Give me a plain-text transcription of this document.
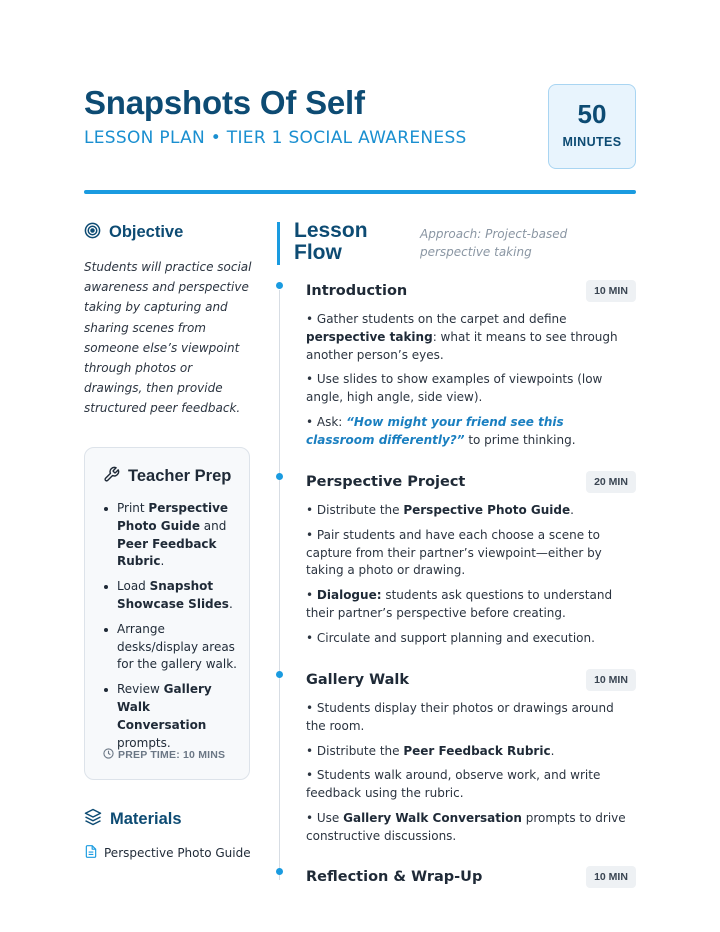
Snapshots Of Self
LESSON PLAN • TIER 1 SOCIAL AWARENESS
50
MINUTES
Objective

Students will practice social awareness and perspective taking by capturing and sharing scenes from someone else’s viewpoint through photos or drawings, then provide structured peer feedback.

Teacher Prep
Print Perspective Photo Guide and Peer Feedback Rubric.
Load Snapshot Showcase Slides.
Arrange desks/display areas for the gallery walk.
Review Gallery Walk Conversation prompts.
PREP TIME: 10 MINS
Materials
Perspective Photo Guide
Lesson
Flow
Approach: Project-based perspective taking
Introduction	10 MIN

• Gather students on the carpet and define perspective taking: what it means to see through another person’s eyes.

• Use slides to show examples of viewpoints (low angle, high angle, side view).

• Ask: “How might your friend see this classroom differently?” to prime thinking.

Perspective Project	20 MIN

• Distribute the Perspective Photo Guide.

• Pair students and have each choose a scene to capture from their partner’s viewpoint—either by taking a photo or drawing.

• Dialogue: students ask questions to understand their partner’s perspective before creating.

• Circulate and support planning and execution.

Gallery Walk	10 MIN

• Students display their photos or drawings around the room.

• Distribute the Peer Feedback Rubric.

• Students walk around, observe work, and write feedback using the rubric.

• Use Gallery Walk Conversation prompts to drive constructive discussions.

Reflection & Wrap-Up	10 MIN
